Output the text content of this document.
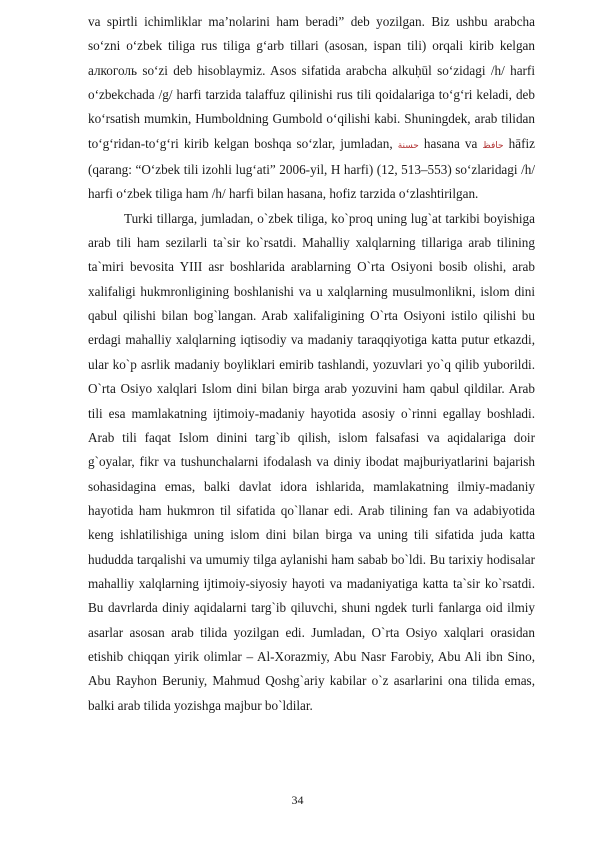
va spirtli ichimliklar ma’nolarini ham beradi” deb yozilgan. Biz ushbu arabcha so‘zni o‘zbek tiliga rus tiliga g‘arb tillari (asosan, ispan tili) orqali kirib kelgan алкоголь so‘zi deb hisoblaymiz. Asos sifatida arabcha alkuḥūl so‘zidagi /h/ harfi o‘zbekchada /g/ harfi tarzida talaffuz qilinishi rus tili qoidalariga to‘g‘ri keladi, deb ko‘rsatish mumkin, Humboldning Gumbold o‘qilishi kabi. Shuningdek, arab tilidan to‘g‘ridan-to‘g‘ri kirib kelgan boshqa so‘zlar, jumladan, حسنة hasana va حافظ hāfiz (qarang: “O‘zbek tili izohli lug‘ati” 2006-yil, H harfi) (12, 513–553) so‘zlaridagi /h/ harfi o‘zbek tiliga ham /h/ harfi bilan hasana, hofiz tarzida o‘zlashtirilgan.

Turki tillarga, jumladan, o`zbek tiliga, ko`proq uning lug`at tarkibi boyishiga arab tili ham sezilarli ta`sir ko`rsatdi. Mahalliy xalqlarning tillariga arab tilining ta`miri bevosita YIII asr boshlarida arablarning O`rta Osiyoni bosib olishi, arab xalifaligi hukmronligining boshlanishi va u xalqlarning musulmonlikni, islom dini qabul qilishi bilan bog`langan. Arab xalifaligining O`rta Osiyoni istilo qilishi bu erdagi mahalliy xalqlarning iqtisodiy va madaniy taraqqiyotiga katta putur etkazdi, ular ko`p asrlik madaniy boyliklari emirib tashlandi, yozuvlari yo`q qilib yuborildi. O`rta Osiyo xalqlari Islom dini bilan birga arab yozuvini ham qabul qildilar. Arab tili esa mamlakatning ijtimoiy-madaniy hayotida asosiy o`rinni egallay boshladi. Arab tili faqat Islom dinini targ`ib qilish, islom falsafasi va aqidalariga doir g`oyalar, fikr va tushunchalarni ifodalash va diniy ibodat majburiyatlarini bajarish sohasidagina emas, balki davlat idora ishlarida, mamlakatning ilmiy-madaniy hayotida ham hukmron til sifatida qo`llanar edi. Arab tilining fan va adabiyotida keng ishlatilishiga uning islom dini bilan birga va uning tili sifatida juda katta hududda tarqalishi va umumiy tilga aylanishi ham sabab bo`ldi. Bu tarixiy hodisalar mahalliy xalqlarning ijtimoiy-siyosiy hayoti va madaniyatiga katta ta`sir ko`rsatdi. Bu davrlarda diniy aqidalarni targ`ib qiluvchi, shuni ngdek turli fanlarga oid ilmiy asarlar asosan arab tilida yozilgan edi. Jumladan, O`rta Osiyo xalqlari orasidan etishib chiqqan yirik olimlar – Al-Xorazmiy, Abu Nasr Farobiy, Abu Ali ibn Sino, Abu Rayhon Beruniy, Mahmud Qoshg`ariy kabilar o`z asarlarini ona tilida emas, balki arab tilida yozishga majbur bo`ldilar.

34
